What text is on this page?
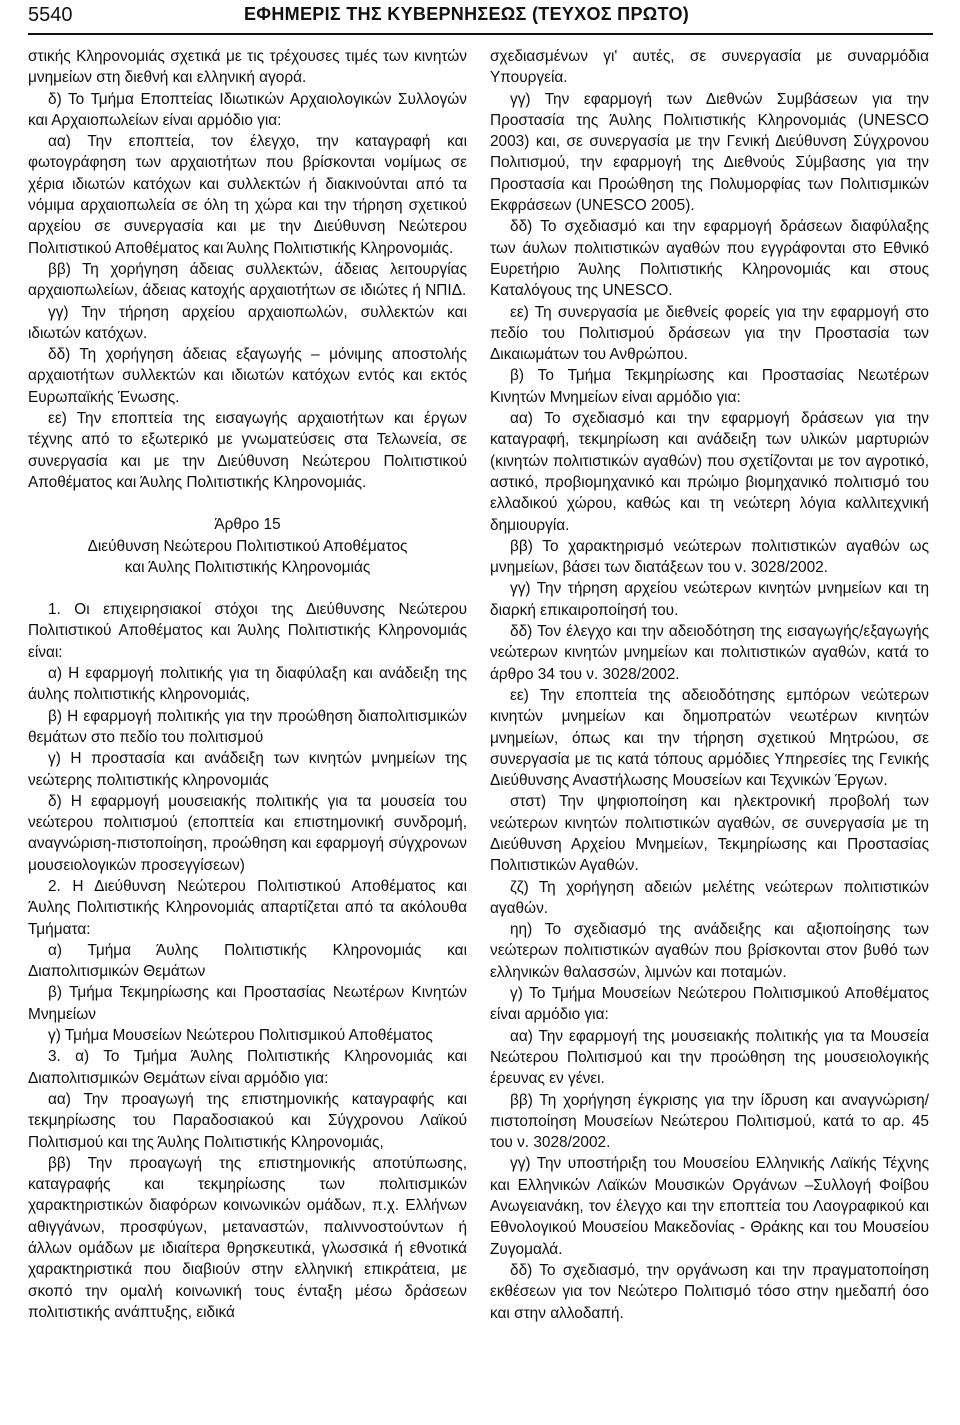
5540	ΕΦΗΜΕΡΙΣ ΤΗΣ ΚΥΒΕΡΝΗΣΕΩΣ (ΤΕΥΧΟΣ ΠΡΩΤΟ)

στικής Κληρονομιάς σχετικά με τις τρέχουσες τιμές των κινητών μνημείων στη διεθνή και ελληνική αγορά.

δ) Το Τμήμα Εποπτείας Ιδιωτικών Αρχαιολογικών Συλλογών και Αρχαιοπωλείων είναι αρμόδιο για:

αα) Την εποπτεία, τον έλεγχο, την καταγραφή και φωτογράφηση των αρχαιοτήτων που βρίσκονται νομίμως σε χέρια ιδιωτών κατόχων και συλλεκτών ή διακινούνται από τα νόμιμα αρχαιοπωλεία σε όλη τη χώρα και την τήρηση σχετικού αρχείου σε συνεργασία και με την Διεύθυνση Νεώτερου Πολιτιστικού Αποθέματος και Άυλης Πολιτιστικής Κληρονομιάς.

ββ) Τη χορήγηση άδειας συλλεκτών, άδειας λειτουργίας αρχαιοπωλείων, άδειας κατοχής αρχαιοτήτων σε ιδιώτες ή ΝΠΙΔ.

γγ) Την τήρηση αρχείου αρχαιοπωλών, συλλεκτών και ιδιωτών κατόχων.

δδ) Τη χορήγηση άδειας εξαγωγής – μόνιμης αποστολής αρχαιοτήτων συλλεκτών και ιδιωτών κατόχων εντός και εκτός Ευρωπαϊκής Ένωσης.

εε) Την εποπτεία της εισαγωγής αρχαιοτήτων και έργων τέχνης από το εξωτερικό με γνωματεύσεις στα Τελωνεία, σε συνεργασία και με την Διεύθυνση Νεώτερου Πολιτιστικού Αποθέματος και Άυλης Πολιτιστικής Κληρονομιάς.

Άρθρο 15

Διεύθυνση Νεώτερου Πολιτιστικού Αποθέματος

και Άυλης Πολιτιστικής Κληρονομιάς

1. Οι επιχειρησιακοί στόχοι της Διεύθυνσης Νεώτερου Πολιτιστικού Αποθέματος και Άυλης Πολιτιστικής Κληρονομιάς είναι:

α) Η εφαρμογή πολιτικής για τη διαφύλαξη και ανάδειξη της άυλης πολιτιστικής κληρονομιάς,

β) Η εφαρμογή πολιτικής για την προώθηση διαπολιτισμικών θεμάτων στο πεδίο του πολιτισμού

γ) Η προστασία και ανάδειξη των κινητών μνημείων της νεώτερης πολιτιστικής κληρονομιάς

δ) Η εφαρμογή μουσειακής πολιτικής για τα μουσεία του νεώτερου πολιτισμού (εποπτεία και επιστημονική συνδρομή, αναγνώριση-πιστοποίηση, προώθηση και εφαρμογή σύγχρονων μουσειολογικών προσεγγίσεων)

2. Η Διεύθυνση Νεώτερου Πολιτιστικού Αποθέματος και Άυλης Πολιτιστικής Κληρονομιάς απαρτίζεται από τα ακόλουθα Τμήματα:

α) Τμήμα Άυλης Πολιτιστικής Κληρονομιάς και Διαπολιτισμικών Θεμάτων

β) Τμήμα Τεκμηρίωσης και Προστασίας Νεωτέρων Κινητών Μνημείων

γ) Τμήμα Μουσείων Νεώτερου Πολιτισμικού Αποθέματος

3. α) Το Τμήμα Άυλης Πολιτιστικής Κληρονομιάς και Διαπολιτισμικών Θεμάτων είναι αρμόδιο για:

αα) Την προαγωγή της επιστημονικής καταγραφής και τεκμηρίωσης του Παραδοσιακού και Σύγχρονου Λαϊκού Πολιτισμού και της Άυλης Πολιτιστικής Κληρονομιάς,

ββ) Την προαγωγή της επιστημονικής αποτύπωσης, καταγραφής και τεκμηρίωσης των πολιτισμικών χαρακτηριστικών διαφόρων κοινωνικών ομάδων, π.χ. Ελλήνων αθιγγάνων, προσφύγων, μεταναστών, παλιννοστούντων ή άλλων ομάδων με ιδιαίτερα θρησκευτικά, γλωσσικά ή εθνοτικά χαρακτηριστικά που διαβιούν στην ελληνική επικράτεια, με σκοπό την ομαλή κοινωνική τους ένταξη μέσω δράσεων πολιτιστικής ανάπτυξης, ειδικά

σχεδιασμένων γι' αυτές, σε συνεργασία με συναρμόδια Υπουργεία.

γγ) Την εφαρμογή των Διεθνών Συμβάσεων για την Προστασία της Άυλης Πολιτιστικής Κληρονομιάς (UNESCO 2003) και, σε συνεργασία με την Γενική Διεύθυνση Σύγχρονου Πολιτισμού, την εφαρμογή της Διεθνούς Σύμβασης για την Προστασία και Προώθηση της Πολυμορφίας των Πολιτισμικών Εκφράσεων (UNESCO 2005).

δδ) Το σχεδιασμό και την εφαρμογή δράσεων διαφύλαξης των άυλων πολιτιστικών αγαθών που εγγράφονται στο Εθνικό Ευρετήριο Άυλης Πολιτιστικής Κληρονομιάς και στους Καταλόγους της UNESCO.

εε) Τη συνεργασία με διεθνείς φορείς για την εφαρμογή στο πεδίο του Πολιτισμού δράσεων για την Προστασία των Δικαιωμάτων του Ανθρώπου.

β) Το Τμήμα Τεκμηρίωσης και Προστασίας Νεωτέρων Κινητών Μνημείων είναι αρμόδιο για:

αα) Το σχεδιασμό και την εφαρμογή δράσεων για την καταγραφή, τεκμηρίωση και ανάδειξη των υλικών μαρτυριών (κινητών πολιτιστικών αγαθών) που σχετίζονται με τον αγροτικό, αστικό, προβιομηχανικό και πρώιμο βιομηχανικό πολιτισμό του ελλαδικού χώρου, καθώς και τη νεώτερη λόγια καλλιτεχνική δημιουργία.

ββ) Το χαρακτηρισμό νεώτερων πολιτιστικών αγαθών ως μνημείων, βάσει των διατάξεων του ν. 3028/2002.

γγ) Την τήρηση αρχείου νεώτερων κινητών μνημείων και τη διαρκή επικαιροποίησή του.

δδ) Τον έλεγχο και την αδειοδότηση της εισαγωγής/εξαγωγής νεώτερων κινητών μνημείων και πολιτιστικών αγαθών, κατά το άρθρο 34 του ν. 3028/2002.

εε) Την εποπτεία της αδειοδότησης εμπόρων νεώτερων κινητών μνημείων και δημοπρατών νεωτέρων κινητών μνημείων, όπως και την τήρηση σχετικού Μητρώου, σε συνεργασία με τις κατά τόπους αρμόδιες Υπηρεσίες της Γενικής Διεύθυνσης Αναστήλωσης Μουσείων και Τεχνικών Έργων.

στστ) Την ψηφιοποίηση και ηλεκτρονική προβολή των νεώτερων κινητών πολιτιστικών αγαθών, σε συνεργασία με τη Διεύθυνση Αρχείου Μνημείων, Τεκμηρίωσης και Προστασίας Πολιτιστικών Αγαθών.

ζζ) Τη χορήγηση αδειών μελέτης νεώτερων πολιτιστικών αγαθών.

ηη) Το σχεδιασμό της ανάδειξης και αξιοποίησης των νεώτερων πολιτιστικών αγαθών που βρίσκονται στον βυθό των ελληνικών θαλασσών, λιμνών και ποταμών.

γ) Το Τμήμα Μουσείων Νεώτερου Πολιτισμικού Αποθέματος είναι αρμόδιο για:

αα) Την εφαρμογή της μουσειακής πολιτικής για τα Μουσεία Νεώτερου Πολιτισμού και την προώθηση της μουσειολογικής έρευνας εν γένει.

ββ) Τη χορήγηση έγκρισης για την ίδρυση και αναγνώριση/πιστοποίηση Μουσείων Νεώτερου Πολιτισμού, κατά το αρ. 45 του ν. 3028/2002.

γγ) Την υποστήριξη του Μουσείου Ελληνικής Λαϊκής Τέχνης και Ελληνικών Λαϊκών Μουσικών Οργάνων –Συλλογή Φοίβου Ανωγειανάκη, τον έλεγχο και την εποπτεία του Λαογραφικού και Εθνολογικού Μουσείου Μακεδονίας - Θράκης και του Μουσείου Ζυγομαλά.

δδ) Το σχεδιασμό, την οργάνωση και την πραγματοποίηση εκθέσεων για τον Νεώτερο Πολιτισμό τόσο στην ημεδαπή όσο και στην αλλοδαπή.
